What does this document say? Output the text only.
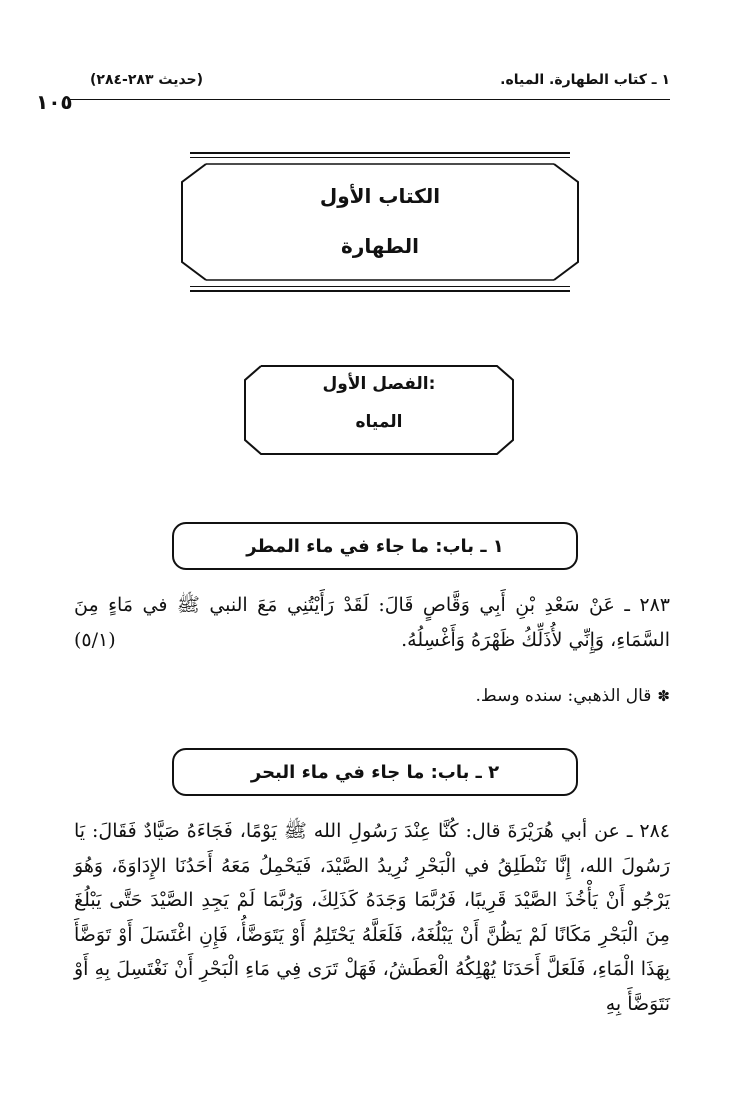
١ ـ كتاب الطهارة. المياه.
(حديث ٢٨٣-٢٨٤)
١٠٥
الكتاب الأول
الطهارة
الفصل الأول:
المياه
١ ـ باب: ما جاء في ماء المطر
٢٨٣ ـ عَنْ سَعْدِ بْنِ أَبِي وَقَّاصٍ قَالَ: لَقَدْ رَأَيْتُنِي مَعَ النبي ﷺ في مَاءٍ مِنَ السَّمَاءِ، وَإِنِّي لأُذَلِّكُ ظَهْرَهُ وَأَغْسِلُهُ.
(٥/١)
✽قال الذهبي: سنده وسط.
٢ ـ باب: ما جاء في ماء البحر
٢٨٤ ـ عن أبي هُرَيْرَةَ قال: كُنَّا عِنْدَ رَسُولِ الله ﷺ يَوْمًا، فَجَاءَهُ صَيَّادٌ فَقَالَ: يَا رَسُولَ الله، إِنَّا نَنْطَلِقُ في الْبَحْرِ نُرِيدُ الصَّيْدَ، فَيَحْمِلُ مَعَهُ أَحَدُنَا الإِدَاوَةَ، وَهُوَ يَرْجُو أَنْ يَأْخُذَ الصَّيْدَ قَرِيبًا، فَرُبَّمَا وَجَدَهُ كَذَلِكَ، وَرُبَّمَا لَمْ يَجِدِ الصَّيْدَ حَتَّى يَبْلُغَ مِنَ الْبَحْرِ مَكَانًا لَمْ يَظُنَّ أَنْ يَبْلُغَهُ، فَلَعَلَّهُ يَحْتَلِمُ أَوْ يَتَوَضَّأُ، فَإِنِ اغْتَسَلَ أَوْ تَوَضَّأَ بِهَذَا الْمَاءِ، فَلَعَلَّ أَحَدَنَا يُهْلِكُهُ الْعَطَشُ، فَهَلْ تَرَى فِي مَاءِ الْبَحْرِ أَنْ نَغْتَسِلَ بِهِ أَوْ نَتَوَضَّأَ بِهِ
